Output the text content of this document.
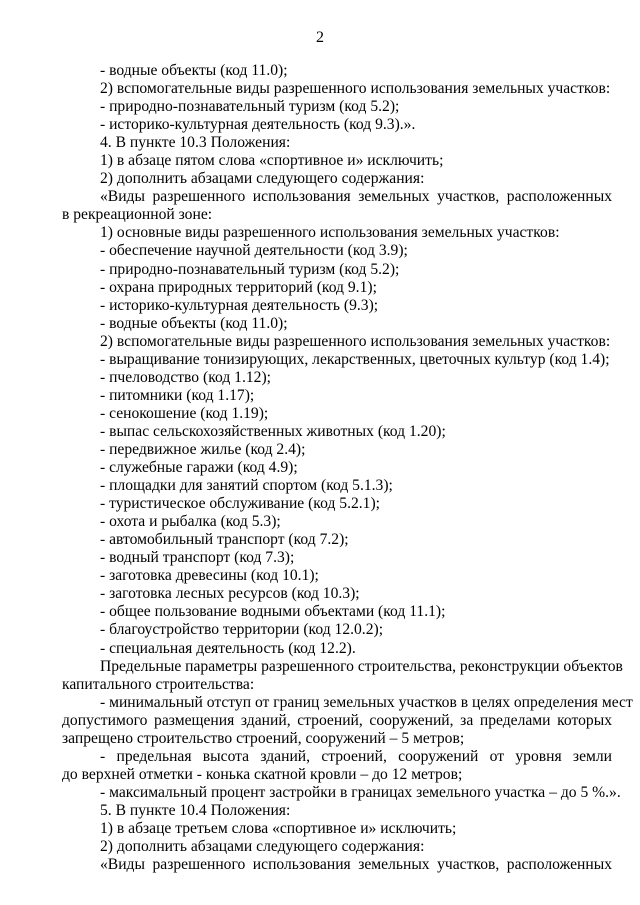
2
- водные объекты (код 11.0);
2) вспомогательные виды разрешенного использования земельных участков:
- природно-познавательный туризм (код 5.2);
- историко-культурная деятельность (код 9.3).».
4. В пункте 10.3 Положения:
1) в абзаце пятом слова «спортивное и» исключить;
2) дополнить абзацами следующего содержания:
«Виды разрешенного использования земельных участков, расположенных
в рекреационной зоне:
1) основные виды разрешенного использования земельных участков:
- обеспечение научной деятельности (код 3.9);
- природно-познавательный туризм (код 5.2);
- охрана природных территорий (код 9.1);
- историко-культурная деятельность (9.3);
- водные объекты (код 11.0);
2) вспомогательные виды разрешенного использования земельных участков:
- выращивание тонизирующих, лекарственных, цветочных культур (код 1.4);
- пчеловодство (код 1.12);
- питомники (код 1.17);
- сенокошение (код 1.19);
- выпас сельскохозяйственных животных (код 1.20);
- передвижное жилье (код 2.4);
- служебные гаражи (код 4.9);
- площадки для занятий спортом (код 5.1.3);
- туристическое обслуживание (код 5.2.1);
- охота и рыбалка (код 5.3);
- автомобильный транспорт (код 7.2);
- водный транспорт (код 7.3);
- заготовка древесины (код 10.1);
- заготовка лесных ресурсов (код 10.3);
- общее пользование водными объектами (код 11.1);
- благоустройство территории (код 12.0.2);
- специальная деятельность (код 12.2).
Предельные параметры разрешенного строительства, реконструкции объектов
капитального строительства:
- минимальный отступ от границ земельных участков в целях определения мест
допустимого размещения зданий, строений, сооружений, за пределами которых
запрещено строительство строений, сооружений – 5 метров;
- предельная высота зданий, строений, сооружений от уровня земли
до верхней отметки - конька скатной кровли – до 12 метров;
- максимальный процент застройки в границах земельного участка – до 5 %.».
5. В пункте 10.4 Положения:
1) в абзаце третьем слова «спортивное и» исключить;
2) дополнить абзацами следующего содержания:
«Виды разрешенного использования земельных участков, расположенных
